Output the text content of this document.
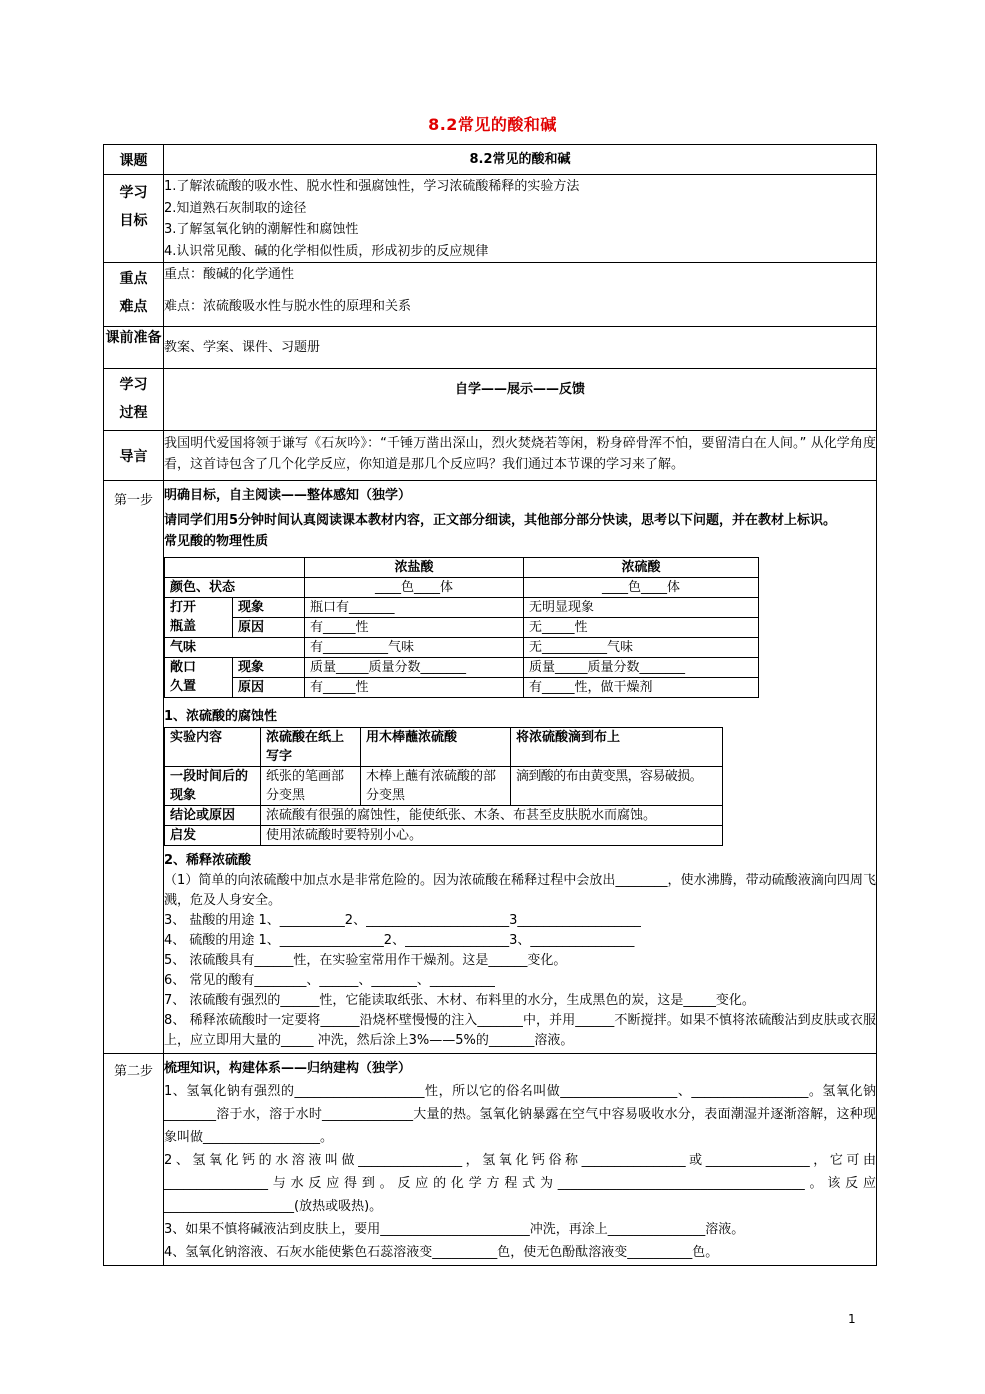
8.2常见的酸和碱
课题	8.2常见的酸和碱

学习
目标

1.了解浓硫酸的吸水性、脱水性和强腐蚀性，学习浓硫酸稀释的实验方法
2.知道熟石灰制取的途径
3.了解氢氧化钠的潮解性和腐蚀性
4.认识常见酸、碱的化学相似性质，形成初步的反应规律

重点
难点

重点：酸碱的化学通性
难点：浓硫酸吸水性与脱水性的原理和关系

课前准备	教案、学案、课件、习题册

学习
过程
	自学——展示——反馈
导言	我国明代爱国将领于谦写《石灰吟》：“千锤万凿出深山，烈火焚烧若等闲，粉身碎骨浑不怕，要留清白在人间。” 从化学角度看，这首诗包含了几个化学反应，你知道是那几个反应吗？我们通过本节课的学习来了解。
第一步	明确目标，自主阅读——整体感知（独学）
请同学们用5分钟时间认真阅读课本教材内容，正文部分细读，其他部分部分快读，思考以下问题，并在教材上标识。
常见酸的物理性质
	浓盐酸	浓硫酸
颜色、状态	____色____体	____色____体
打开
瓶盖	现象	瓶口有_______	无明显现象
原因	有_____性	无_____性
气味	有__________气味	无__________气味
敞口
久置	现象	质量_____质量分数_______	质量_____质量分数_______
原因	有_____性	有_____性，做干燥剂
1、浓硫酸的腐蚀性
实验内容	浓硫酸在纸上写字	用木棒蘸浓硫酸	将浓硫酸滴到布上
一段时间后的现象	纸张的笔画部分变黑	木棒上蘸有浓硫酸的部分变黑	滴到酸的布由黄变黑，容易破损。
结论或原因	浓硫酸有很强的腐蚀性，能使纸张、木条、布甚至皮肤脱水而腐蚀。
启发	使用浓硫酸时要特别小心。
2、稀释浓硫酸
（1）简单的向浓硫酸中加点水是非常危险的。因为浓硫酸在稀释过程中会放出________，使水沸腾，带动硫酸液滴向四周飞溅，危及人身安全。
3、 盐酸的用途 1、__________2、______________________3___________________
4、 硫酸的用途 1、________________2、________________3、________________
5、 浓硫酸具有______性，在实验室常用作干燥剂。这是______变化。
6、 常见的酸有________、______、_______、__________
7、 浓硫酸有强烈的______性，它能读取纸张、木材、布料里的水分，生成黑色的炭，这是_____变化。
8、 稀释浓硫酸时一定要将______沿烧杯壁慢慢的注入_______中，并用______不断搅拌。如果不慎将浓硫酸沾到皮肤或衣服上，应立即用大量的_____ 冲洗，然后涂上3%——5%的_______溶液。

第二步	梳理知识，构建体系——归纳建构（独学）
1、氢氧化钠有强烈的____________________性，所以它的俗名叫做__________________、__________________。氢氧化钠________溶于水，溶于水时______________大量的热。氢氧化钠暴露在空气中容易吸收水分，表面潮湿并逐渐溶解，这种现象叫做__________________。
2、氢氧化钙的水溶液叫做________________，氢氧化钙俗称________________或________________，它可由________________与水反应得到。反应的化学方程式为______________________________________。该反应____________________(放热或吸热)。
3、如果不慎将碱液沾到皮肤上，要用_______________________冲洗，再涂上_______________溶液。
4、氢氧化钠溶液、石灰水能使紫色石蕊溶液变__________色，使无色酚酞溶液变__________色。
1
